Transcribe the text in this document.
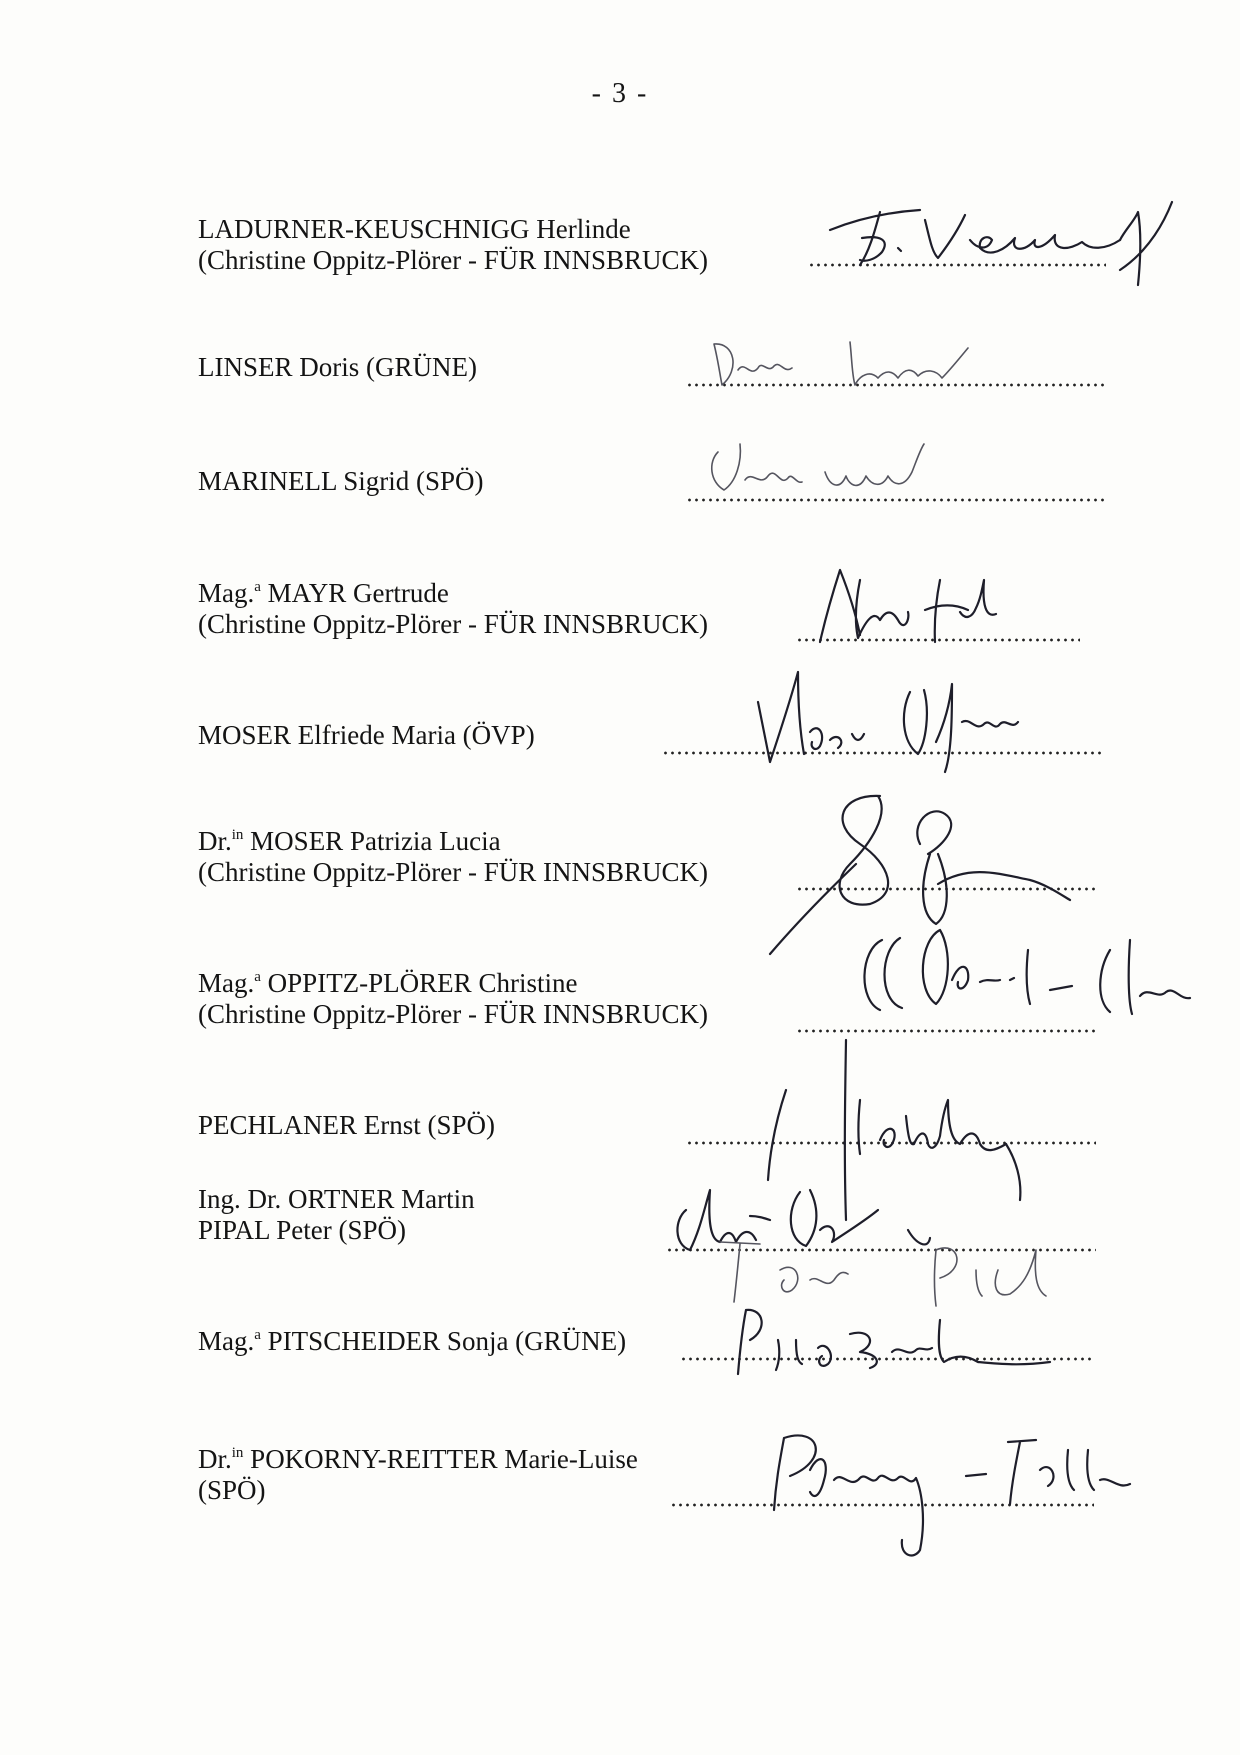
- 3 -
LADURNER-KEUSCHNIGG Herlinde
(Christine Oppitz-Plörer - FÜR INNSBRUCK)
LINSER Doris (GRÜNE)
MARINELL Sigrid (SPÖ)
Mag.$^a$ MAYR Gertrude
(Christine Oppitz-Plörer - FÜR INNSBRUCK)
MOSER Elfriede Maria (ÖVP)
Dr.$^{in}$ MOSER Patrizia Lucia
(Christine Oppitz-Plörer - FÜR INNSBRUCK)
Mag.$^a$ OPPITZ-PLÖRER Christine
(Christine Oppitz-Plörer - FÜR INNSBRUCK)
PECHLANER Ernst (SPÖ)
Ing. Dr. ORTNER Martin
PIPAL Peter (SPÖ)
Mag.$^a$ PITSCHEIDER Sonja (GRÜNE)
Dr.$^{in}$ POKORNY-REITTER Marie-Luise
(SPÖ)
